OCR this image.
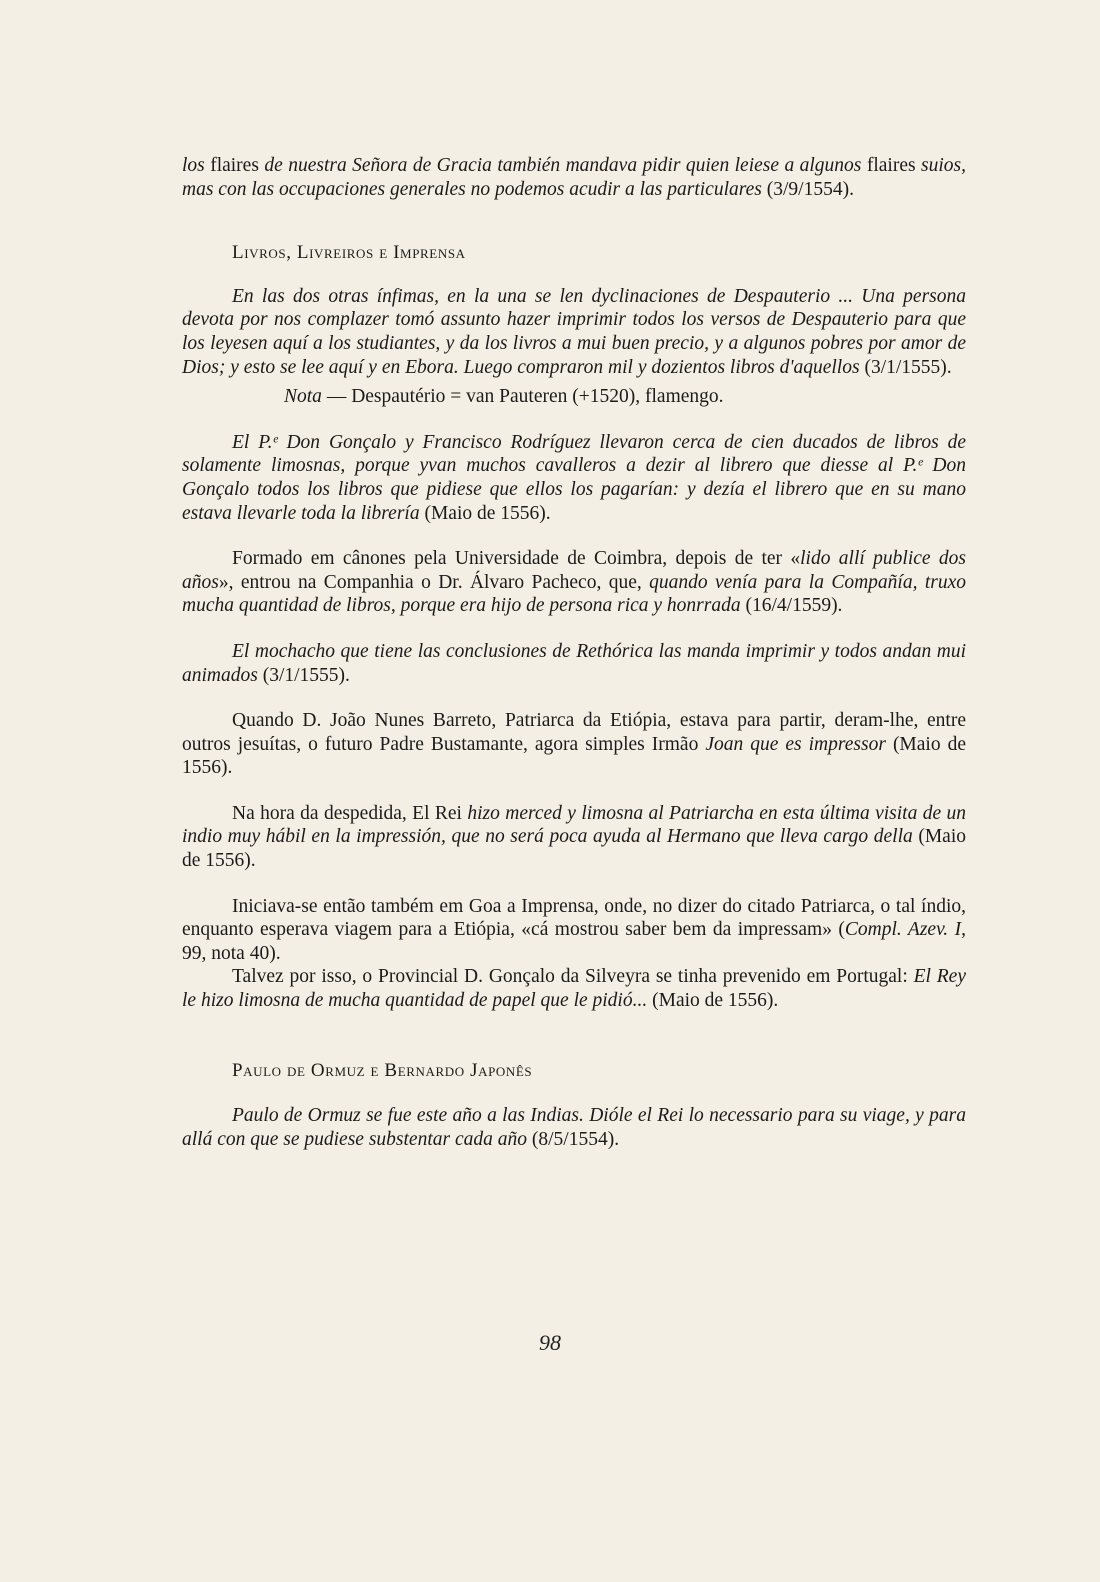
los flaires de nuestra Señora de Gracia también mandava pidir quien leiese a algunos flaires suios, mas con las occupaciones generales no podemos acudir a las particulares (3/9/1554).

Livros, Livreiros e Imprensa

En las dos otras ínfimas, en la una se len dyclinaciones de Despauterio ... Una persona devota por nos complazer tomó assunto hazer imprimir todos los versos de Despauterio para que los leyesen aquí a los studiantes, y da los livros a mui buen precio, y a algunos pobres por amor de Dios; y esto se lee aquí y en Ebora. Luego compraron mil y dozientos libros d'aquellos (3/1/1555).

Nota — Despautério = van Pauteren (+1520), flamengo.

El P.ᵉ Don Gonçalo y Francisco Rodríguez llevaron cerca de cien ducados de libros de solamente limosnas, porque yvan muchos cavalleros a dezir al librero que diesse al P.ᵉ Don Gonçalo todos los libros que pidiese que ellos los pagarían: y dezía el librero que en su mano estava llevarle toda la librería (Maio de 1556).

Formado em cânones pela Universidade de Coimbra, depois de ter «lido allí publice dos años», entrou na Companhia o Dr. Álvaro Pacheco, que, quando venía para la Compañía, truxo mucha quantidad de libros, porque era hijo de persona rica y honrrada (16/4/1559).

El mochacho que tiene las conclusiones de Rethórica las manda imprimir y todos andan mui animados (3/1/1555).

Quando D. João Nunes Barreto, Patriarca da Etiópia, estava para partir, deram-lhe, entre outros jesuítas, o futuro Padre Bustamante, agora simples Irmão Joan que es impressor (Maio de 1556).

Na hora da despedida, El Rei hizo merced y limosna al Patriarcha en esta última visita de un indio muy hábil en la impressión, que no será poca ayuda al Hermano que lleva cargo della (Maio de 1556).

Iniciava-se então também em Goa a Imprensa, onde, no dizer do citado Patriarca, o tal índio, enquanto esperava viagem para a Etiópia, «cá mostrou saber bem da impressam» (Compl. Azev. I, 99, nota 40).

Talvez por isso, o Provincial D. Gonçalo da Silveyra se tinha prevenido em Portugal: El Rey le hizo limosna de mucha quantidad de papel que le pidió... (Maio de 1556).

Paulo de Ormuz e Bernardo Japonês

Paulo de Ormuz se fue este año a las Indias. Dióle el Rei lo necessario para su viage, y para allá con que se pudiese substentar cada año (8/5/1554).

98
